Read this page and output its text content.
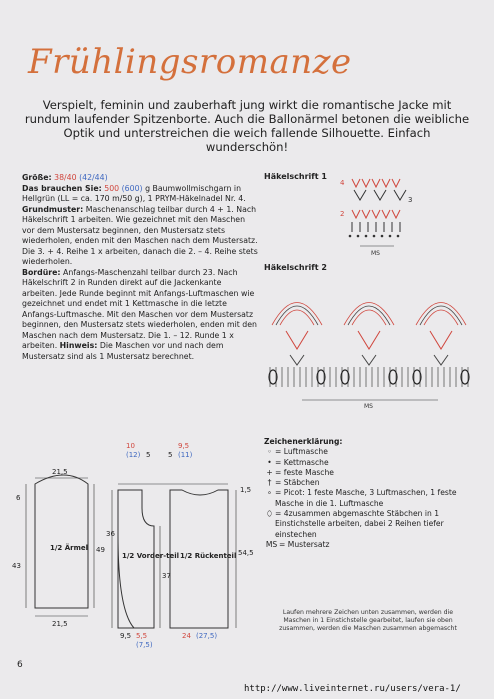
Frühlingsromanze
Verspielt, feminin und zauberhaft jung wirkt die romantische Jacke mit rundum laufender Spitzenborte. Auch die Ballonärmel betonen die weibliche Optik und unterstreichen die weich fallende Silhouette. Einfach wunderschön!

Größe: 38/40 (42/44)

Das brauchen Sie: 500 (600) g Baumwollmischgarn in Hellgrün (LL = ca. 170 m/50 g), 1 PRYM-Häkelnadel Nr. 4.

Grundmuster: Maschenanschlag teilbar durch 4 + 1. Nach Häkelschrift 1 arbeiten. Wie gezeichnet mit den Maschen vor dem Mustersatz beginnen, den Mustersatz stets wiederholen, enden mit den Maschen nach dem Mustersatz. Die 3. + 4. Reihe 1 x arbeiten, danach die 2. – 4. Reihe stets wiederholen.

Bordüre: Anfangs-Maschenzahl teilbar durch 23. Nach Häkelschrift 2 in Runden direkt auf die Jackenkante arbeiten. Jede Runde beginnt mit Anfangs-Luftmaschen wie gezeichnet und endet mit 1 Kettmasche in die letzte Anfangs-Luftmasche. Mit den Maschen vor dem Mustersatz beginnen, den Mustersatz stets wiederholen, enden mit den Maschen nach dem Mustersatz. Die 1. – 12. Runde 1 x arbeiten. Hinweis: Die Maschen vor und nach dem Mustersatz sind als 1 Mustersatz berechnet.

Häkelschrift 1
4
3
2
MS
Häkelschrift 2
MS
Zeichenerklärung:
◦ = Luftmasche
• = Kettmasche
+ = feste Masche
† = Stäbchen
∘ = Picot: 1 feste Masche, 3 Luftmaschen, 1 feste Masche in die 1. Luftmasche
⬯ = 4zusammen abgemaschte Stäbchen in 1 Einstichstelle arbeiten, dabei 2 Reihen tiefer einstechen
MS = Mustersatz
Laufen mehrere Zeichen unten zusammen, werden die Maschen in 1 Einstichstelle gearbeitet, laufen sie oben zusammen, werden die Maschen zusammen abgemascht
21,5
6
43
49
21,5
1/2 Ärmel
10
(12) 5
36
37
1/2 Vorder-teil
9,5 5,5
(7,5)
9,5
(11)
5
1,5
54,5
1/2 Rückenteil
24 (27,5)
6
http://www.liveinternet.ru/users/vera-1/
